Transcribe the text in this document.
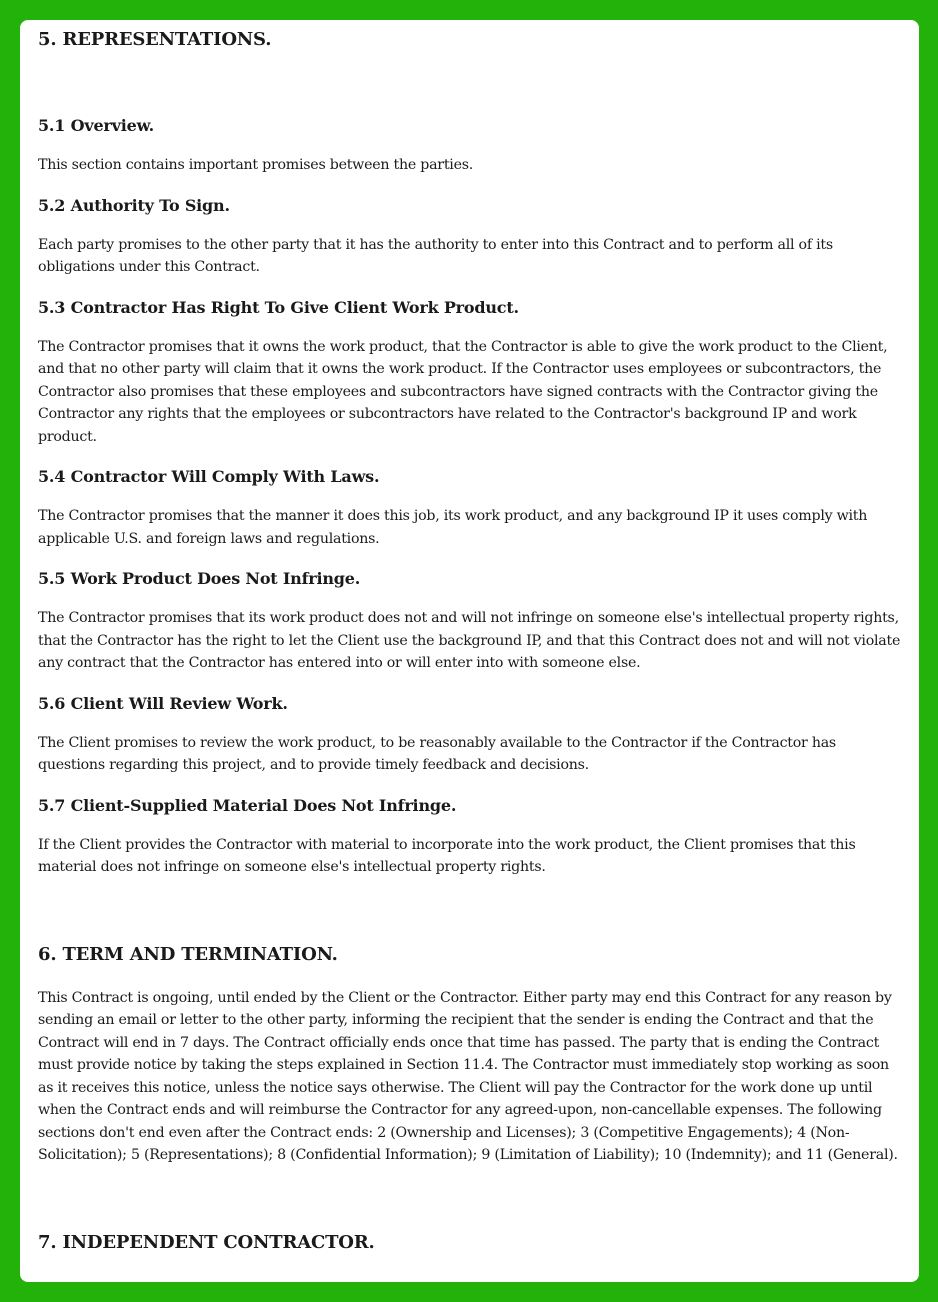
5. REPRESENTATIONS.
5.1 Overview.

This section contains important promises between the parties.

5.2 Authority To Sign.

Each party promises to the other party that it has the authority to enter into this Contract and to perform all of its obligations under this Contract.

5.3 Contractor Has Right To Give Client Work Product.

The Contractor promises that it owns the work product, that the Contractor is able to give the work product to the Client, and that no other party will claim that it owns the work product. If the Contractor uses employees or subcontractors, the Contractor also promises that these employees and subcontractors have signed contracts with the Contractor giving the Contractor any rights that the employees or subcontractors have related to the Contractor's background IP and work product.

5.4 Contractor Will Comply With Laws.

The Contractor promises that the manner it does this job, its work product, and any background IP it uses comply with applicable U.S. and foreign laws and regulations.

5.5 Work Product Does Not Infringe.

The Contractor promises that its work product does not and will not infringe on someone else's intellectual property rights, that the Contractor has the right to let the Client use the background IP, and that this Contract does not and will not violate any contract that the Contractor has entered into or will enter into with someone else.

5.6 Client Will Review Work.

The Client promises to review the work product, to be reasonably available to the Contractor if the Contractor has questions regarding this project, and to provide timely feedback and decisions.

5.7 Client-Supplied Material Does Not Infringe.

If the Client provides the Contractor with material to incorporate into the work product, the Client promises that this material does not infringe on someone else's intellectual property rights.

6. TERM AND TERMINATION.

This Contract is ongoing, until ended by the Client or the Contractor. Either party may end this Contract for any reason by sending an email or letter to the other party, informing the recipient that the sender is ending the Contract and that the Contract will end in 7 days. The Contract officially ends once that time has passed. The party that is ending the Contract must provide notice by taking the steps explained in Section 11.4. The Contractor must immediately stop working as soon as it receives this notice, unless the notice says otherwise. The Client will pay the Contractor for the work done up until when the Contract ends and will reimburse the Contractor for any agreed-upon, non-cancellable expenses. The following sections don't end even after the Contract ends: 2 (Ownership and Licenses); 3 (Competitive Engagements); 4 (Non-Solicitation); 5 (Representations); 8 (Confidential Information); 9 (Limitation of Liability); 10 (Indemnity); and 11 (General).

7. INDEPENDENT CONTRACTOR.
